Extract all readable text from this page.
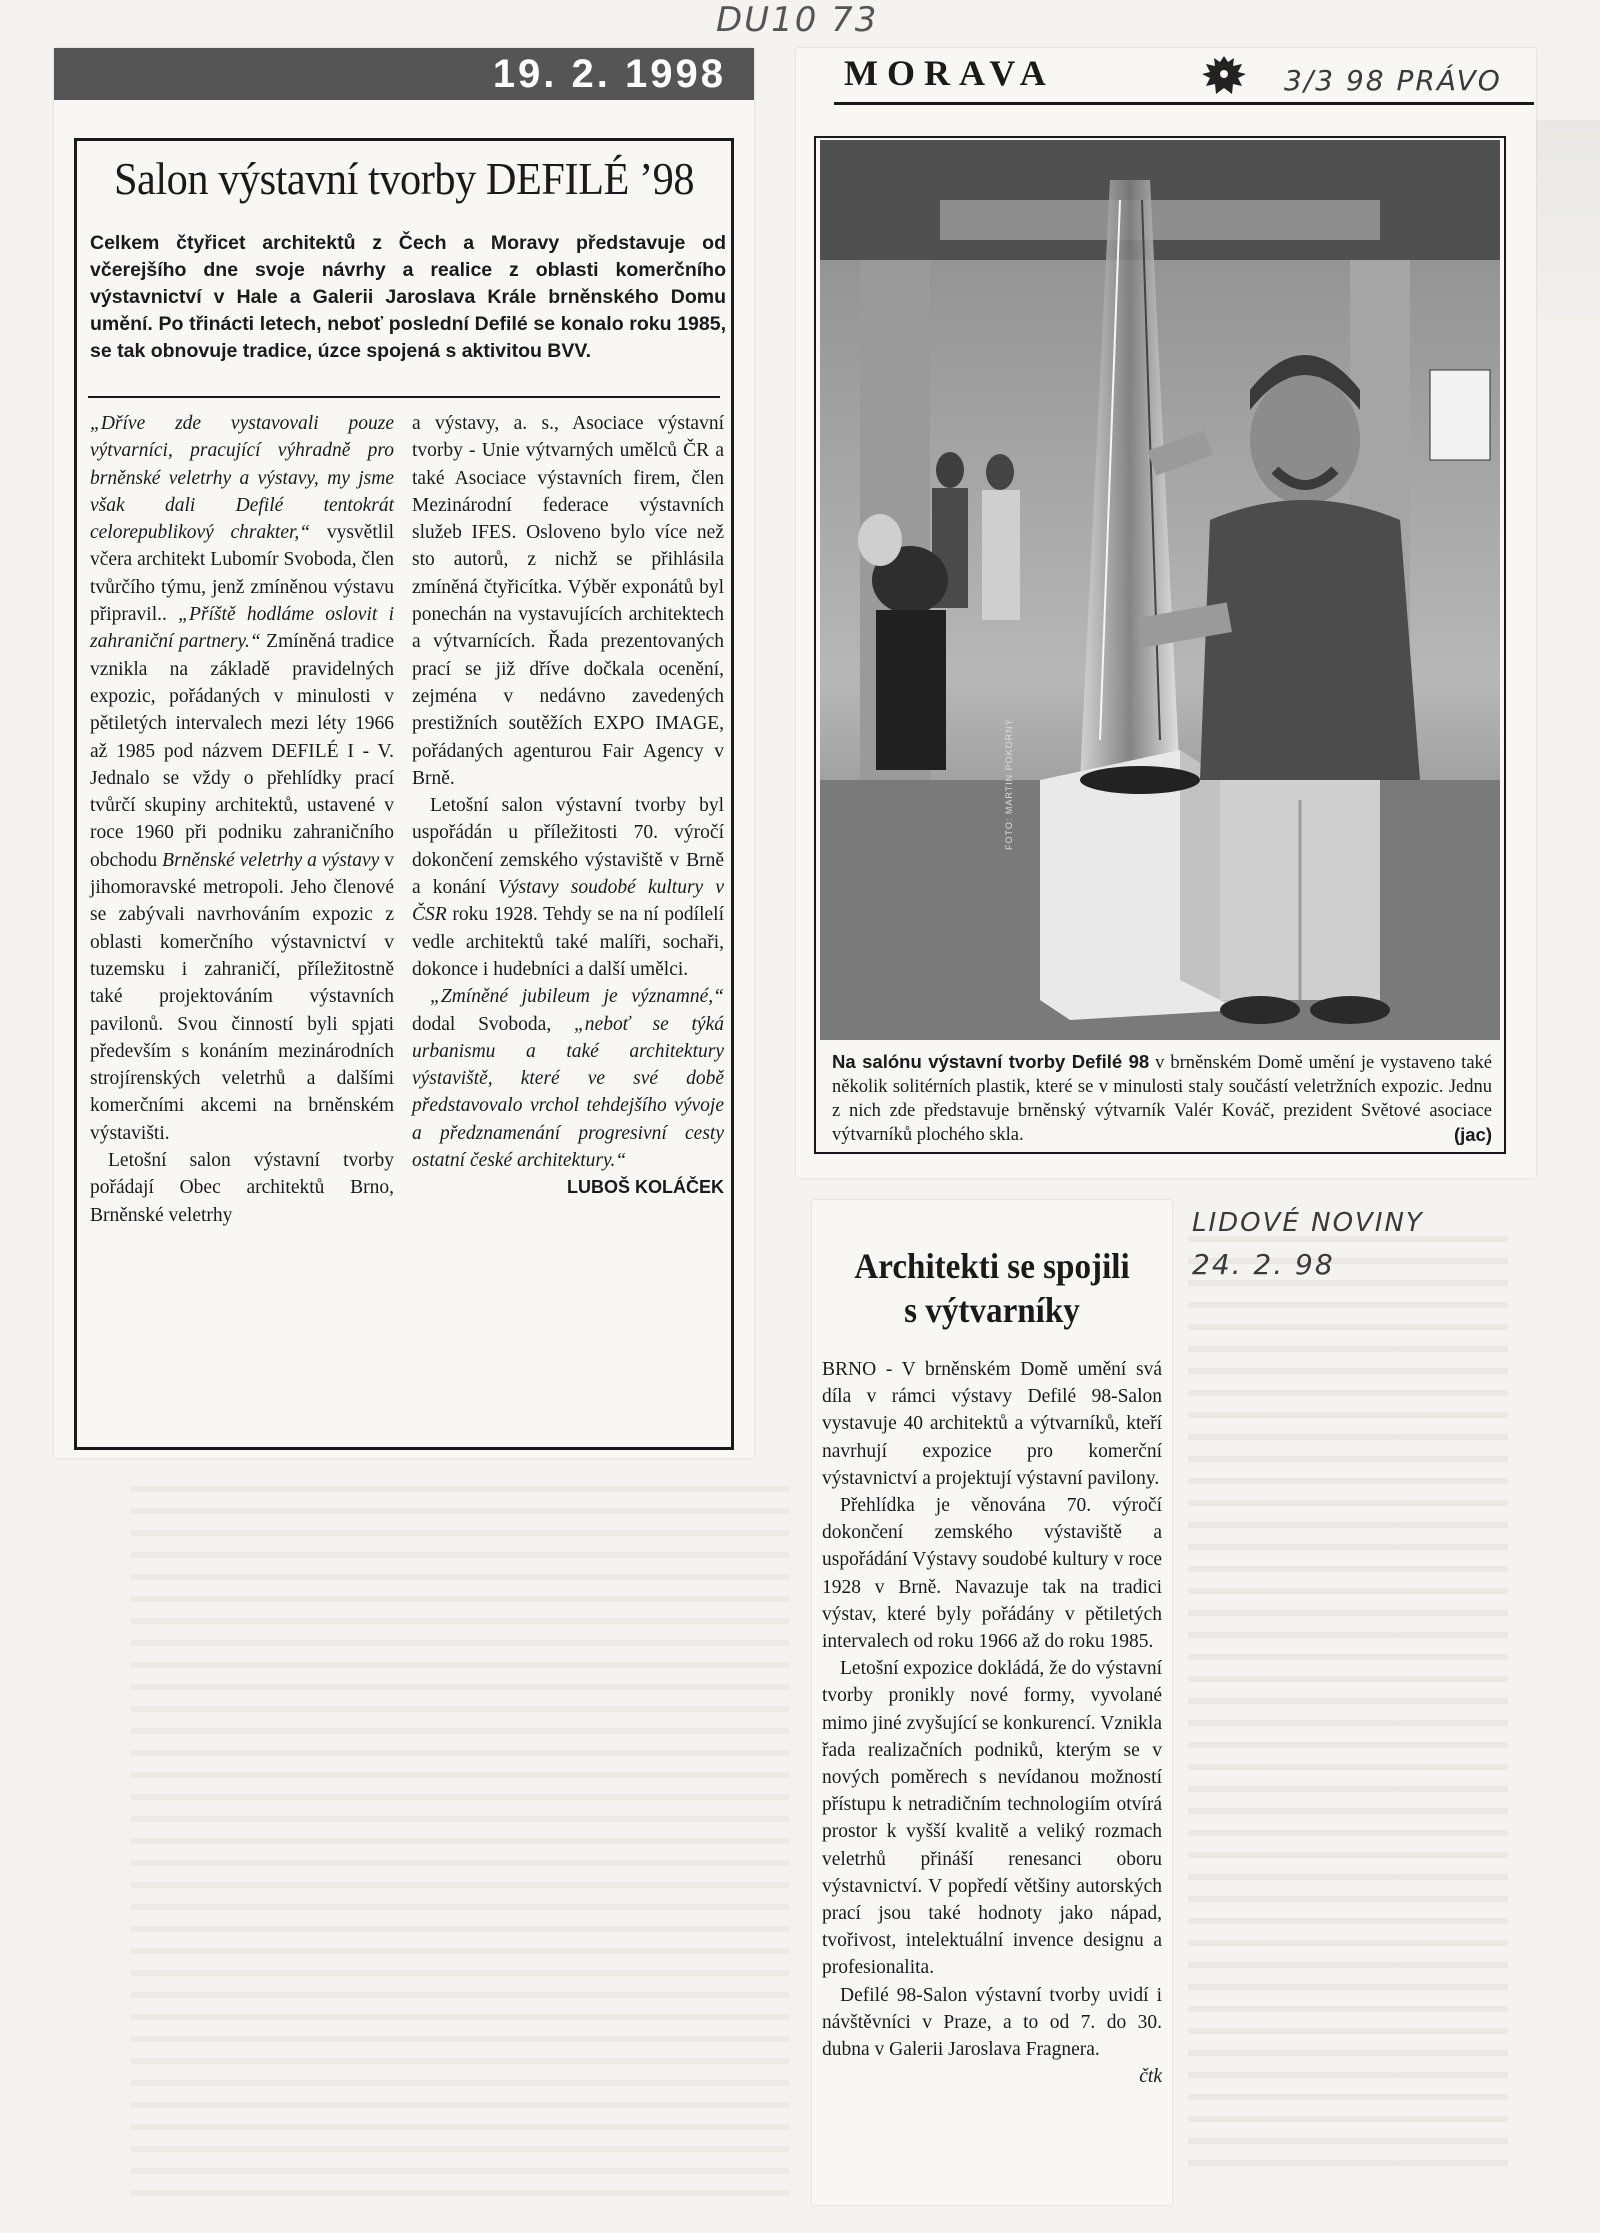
DU10 73
19. 2. 1998
Salon výstavní tvorby DEFILÉ ’98
Celkem čtyřicet architektů z Čech a Moravy představuje od včerejšího dne svoje návrhy a realice z oblasti komerčního výstavnictví v Hale a Galerii Jaroslava Krále brněnského Domu umění. Po třinácti letech, neboť poslední Defilé se konalo roku 1985, se tak obnovuje tradice, úzce spojená s aktivitou BVV.

„Dříve zde vystavovali pouze výtvarníci, pracující výhradně pro brněnské veletrhy a výstavy, my jsme však dali Defilé tentokrát celorepublikový chrakter,“ vysvětlil včera architekt Lubomír Svoboda, člen tvůrčího týmu, jenž zmíněnou výstavu připravil.. „Příště hodláme oslovit i zahraniční partnery.“ Zmíněná tradice vznikla na základě pravidelných expozic, pořádaných v minulosti v pětiletých intervalech mezi léty 1966 až 1985 pod názvem DEFILÉ I - V. Jednalo se vždy o přehlídky prací tvůrčí skupiny architektů, ustavené v roce 1960 při podniku zahraničního obchodu Brněnské veletrhy a výstavy v jihomoravské metropoli. Jeho členové se zabývali navrhováním expozic z oblasti komerčního výstavnictví v tuzemsku i zahraničí, příležitostně také projektováním výstavních pavilonů. Svou činností byli spjati především s konáním mezinárodních strojírenských veletrhů a dalšími komerčními akcemi na brněnském výstavišti.

Letošní salon výstavní tvorby pořádají Obec architektů Brno, Brněnské veletrhy

a výstavy, a. s., Asociace výstavní tvorby - Unie výtvarných umělců ČR a také Asociace výstavních firem, člen Mezinárodní federace výstavních služeb IFES. Osloveno bylo více než sto autorů, z nichž se přihlásila zmíněná čtyřicítka. Výběr exponátů byl ponechán na vystavujících architektech a výtvarnících. Řada prezentovaných prací se již dříve dočkala ocenění, zejména v nedávno zavedených prestižních soutěžích EXPO IMAGE, pořádaných agenturou Fair Agency v Brně.

Letošní salon výstavní tvorby byl uspořádán u příležitosti 70. výročí dokončení zemského výstaviště v Brně a konání Výstavy soudobé kultury v ČSR roku 1928. Tehdy se na ní podílelí vedle architektů také malíři, sochaři, dokonce i hudebníci a další umělci.

„Zmíněné jubileum je významné,“ dodal Svoboda, „neboť se týká urbanismu a také architektury výstaviště, které ve své době představovalo vrchol tehdejšího vývoje a předznamenání progresivní cesty ostatní české architektury.“

LUBOŠ KOLÁČEK
MORAVA	3/3 98 PRÁVO
FOTO: MARTIN POKORNÝ
Na salónu výstavní tvorby Defilé 98 v brněnském Domě umění je vystaveno také několik solitérních plastik, které se v minulosti staly součástí veletržních expozic. Jednu z nich zde představuje brněnský výtvarník Valér Kováč, prezident Světové asociace výtvarníků plochého skla.	(jac)
LIDOVÉ NOVINY
24. 2. 98
Architekti se spojili
s výtvarníky

BRNO - V brněnském Domě umění svá díla v rámci výstavy Defilé 98-Salon vystavuje 40 architektů a výtvarníků, kteří navrhují expozice pro komerční výstavnictví a projektují výstavní pavilony.

Přehlídka je věnována 70. výročí dokončení zemského výstaviště a uspořádání Výstavy soudobé kultury v roce 1928 v Brně. Navazuje tak na tradici výstav, které byly pořádány v pětiletých intervalech od roku 1966 až do roku 1985.

Letošní expozice dokládá, že do výstavní tvorby pronikly nové formy, vyvolané mimo jiné zvyšující se konkurencí. Vznikla řada realizačních podniků, kterým se v nových poměrech s nevídanou možností přístupu k netradičním technologiím otvírá prostor k vyšší kvalitě a veliký rozmach veletrhů přináší renesanci oboru výstavnictví. V popředí většiny autorských prací jsou také hodnoty jako nápad, tvořivost, intelektuální invence designu a profesionalita.

Defilé 98-Salon výstavní tvorby uvidí i návštěvníci v Praze, a to od 7. do 30. dubna v Galerii Jaroslava Fragnera.

čtk
